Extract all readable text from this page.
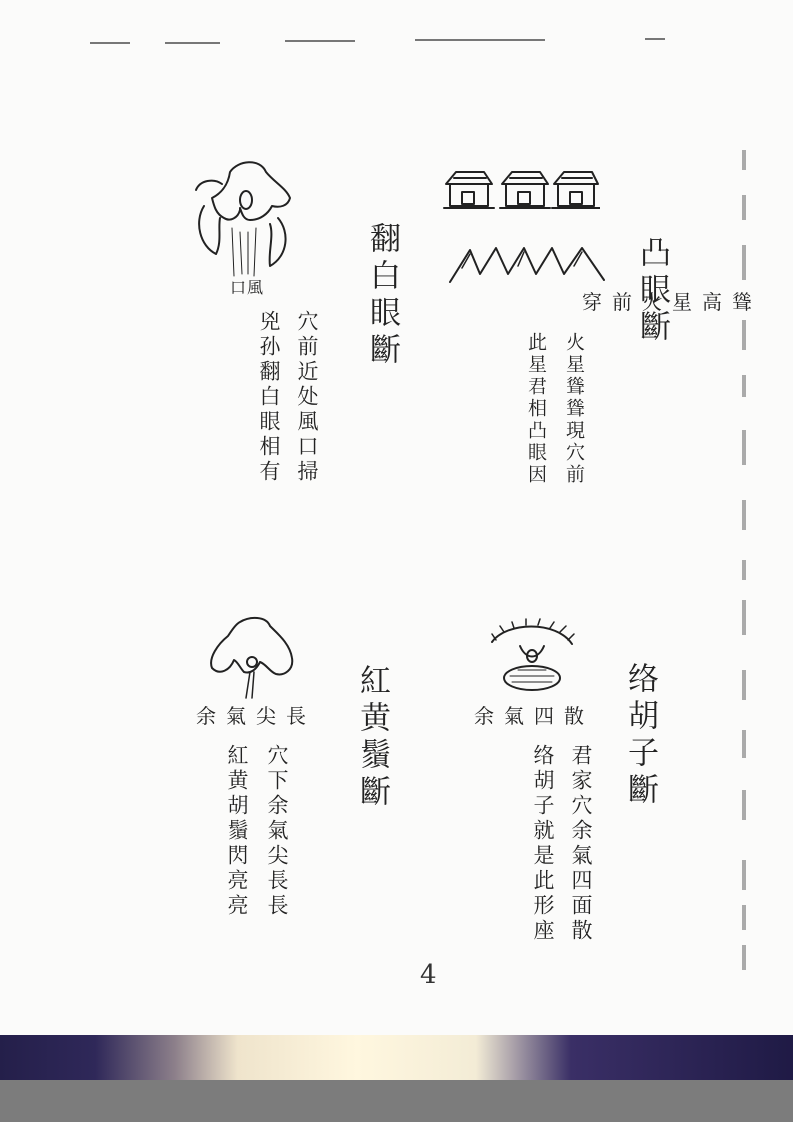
凸眼斷
穿前火星高聳
火星聳聳現穴前
此星君相凸眼因
翻白眼斷
口風
穴前近处風口掃
兇孙翻白眼相有
络胡子斷
余氣四散
君家穴余氣四面散
络胡子就是此形座
紅黄鬚斷
余氣尖長
穴下余氣尖長長
紅黄胡鬚閃亮亮
4
